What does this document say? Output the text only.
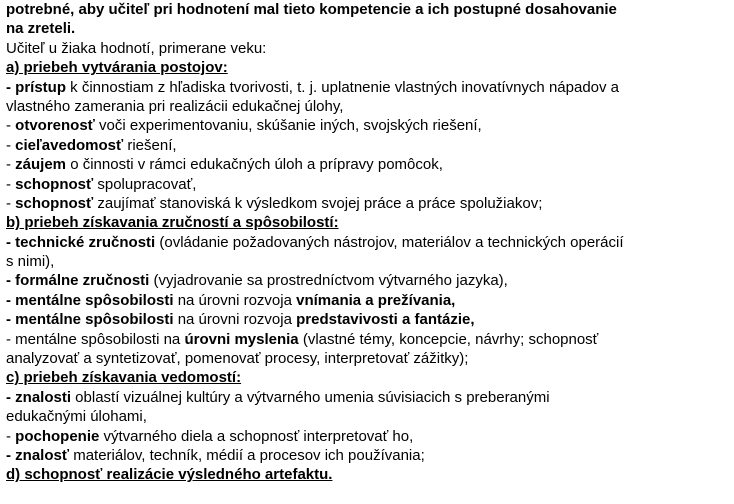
potrebné, aby učiteľ pri hodnotení mal tieto kompetencie a ich postupné dosahovanie
na zreteli.
Učiteľ u žiaka hodnotí, primerane veku:
a) priebeh vytvárania postojov:
- prístup k činnostiam z hľadiska tvorivosti, t. j. uplatnenie vlastných inovatívnych nápadov a
vlastného zamerania pri realizácii edukačnej úlohy,
- otvorenosť voči experimentovaniu, skúšanie iných, svojských riešení,
- cieľavedomosť riešení,
- záujem o činnosti v rámci edukačných úloh a prípravy pomôcok,
- schopnosť spolupracovať,
- schopnosť zaujímať stanoviská k výsledkom svojej práce a práce spolužiakov;
b) priebeh získavania zručností a spôsobilostí:
- technické zručnosti (ovládanie požadovaných nástrojov, materiálov a technických operácií
s nimi),
- formálne zručnosti (vyjadrovanie sa prostredníctvom výtvarného jazyka),
- mentálne spôsobilosti na úrovni rozvoja vnímania a prežívania,
- mentálne spôsobilosti na úrovni rozvoja predstavivosti a fantázie,
- mentálne spôsobilosti na úrovni myslenia (vlastné témy, koncepcie, návrhy; schopnosť
analyzovať a syntetizovať, pomenovať procesy, interpretovať zážitky);
c) priebeh získavania vedomostí:
- znalosti oblastí vizuálnej kultúry a výtvarného umenia súvisiacich s preberanými
edukačnými úlohami,
- pochopenie výtvarného diela a schopnosť interpretovať ho,
- znalosť materiálov, techník, médií a procesov ich používania;
d) schopnosť realizácie výsledného artefaktu.
